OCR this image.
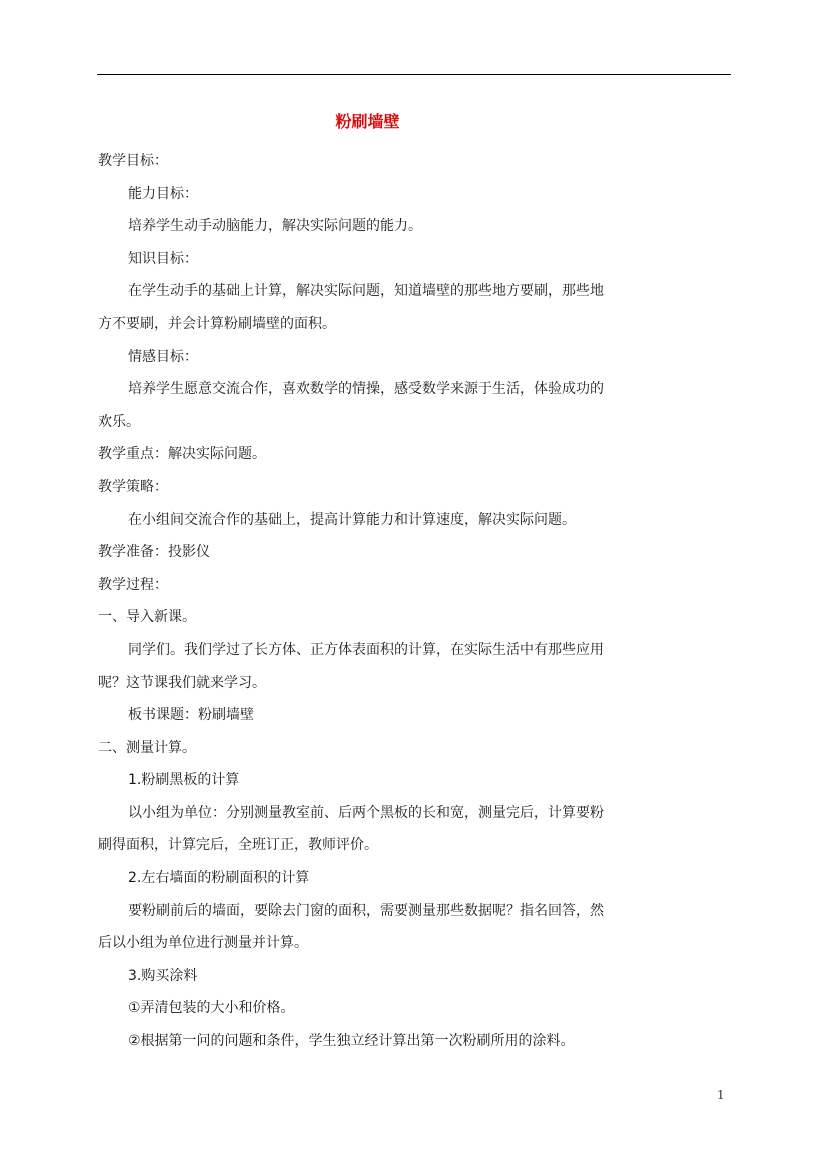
粉刷墙壁
教学目标：
能力目标：
培养学生动手动脑能力，解决实际问题的能力。
知识目标：
在学生动手的基础上计算，解决实际问题，知道墙壁的那些地方要刷，那些地
方不要刷，并会计算粉刷墙壁的面积。
情感目标：
培养学生愿意交流合作，喜欢数学的情操，感受数学来源于生活，体验成功的
欢乐。
教学重点：解决实际问题。
教学策略：
在小组间交流合作的基础上，提高计算能力和计算速度，解决实际问题。
教学准备：投影仪
教学过程：
一、导入新课。
同学们。我们学过了长方体、正方体表面积的计算，在实际生活中有那些应用
呢？这节课我们就来学习。
板书课题：粉刷墙壁
二、测量计算。
1.粉刷黑板的计算
以小组为单位：分别测量教室前、后两个黑板的长和宽，测量完后，计算要粉
刷得面积，计算完后，全班订正，教师评价。
2.左右墙面的粉刷面积的计算
要粉刷前后的墙面，要除去门窗的面积，需要测量那些数据呢？指名回答，然
后以小组为单位进行测量并计算。
3.购买涂料
①弄清包装的大小和价格。
②根据第一问的问题和条件，学生独立经计算出第一次粉刷所用的涂料。
1
